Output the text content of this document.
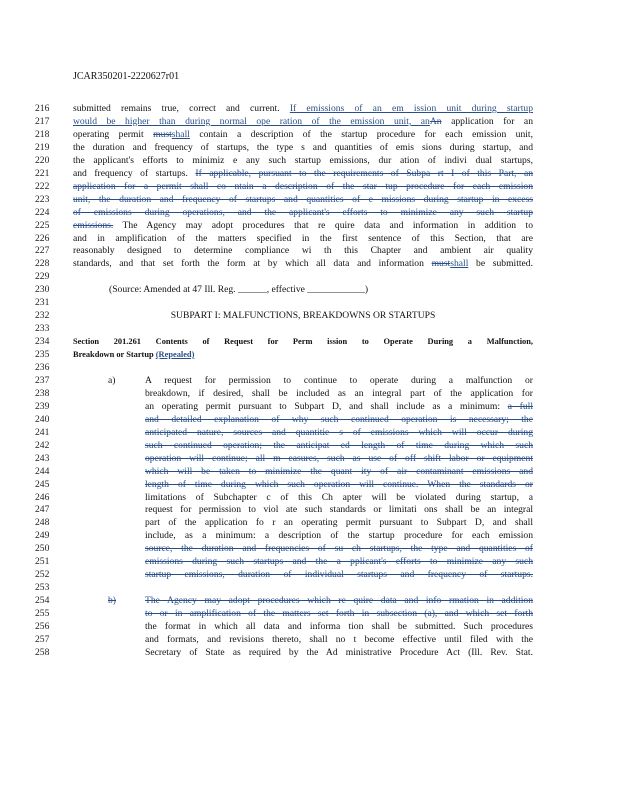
JCAR350201-2220627r01
216	submitted remains true, correct and current. If emissions of an em ission unit during startup
217	would be higher than during normal ope ration of the emission unit, anAn application for an
218	operating permit mustshall contain a description of the startup procedure for each emission unit,
219	the duration and frequency of startups, the type s and quantities of emis sions during startup, and
220	the applicant's efforts to minimiz e any such startup emissions, dur ation of indivi dual startups,
221	and frequency of startups. If applicable, pursuant to the requirements of Subpa rt I of this Part, an
222	application for a permit shall co ntain a description of the star tup procedure for each emission
223	unit, the duration and frequency of startups and quantities of e missions during startup in excess
224	of emissions during operations, and the applicant's efforts to minimize any such startup
225	emissions. The Agency may adopt procedures that re quire data and information in addition to
226	and in amplification of the matters specified in the first sentence of this Section, that are
227	reasonably designed to determine compliance wi th this Chapter and ambient air quality
228	standards, and that set forth the form at by which all data and information mustshall be submitted.
229
230	(Source: Amended at 47 Ill. Reg. ______, effective ____________)
231
232	SUBPART I: MALFUNCTIONS, BREAKDOWNS OR STARTUPS
233
234	Section 201.261 Contents of Request for Perm ission to Operate During a Malfunction,
235	Breakdown or Startup (Repealed)
236
237	a)	A request for permission to continue to operate during a malfunction or
238	breakdown, if desired, shall be included as an integral part of the application for
239	an operating permit pursuant to Subpart D, and shall include as a minimum: a full
240	and detailed explanation of why such continued operation is necessary; the
241	anticipated nature, sources and quantitie s of emissions which will occur during
242	such continued operation; the anticipat ed length of time during which such
243	operation will continue; all m easures, such as use of off shift labor or equipment
244	which will be taken to minimize the quant ity of air contaminant emissions and
245	length of time during which such operation will continue. When the standards or
246	limitations of Subchapter c of this Ch apter will be violated during startup, a
247	request for permission to viol ate such standards or limitati ons shall be an integral
248	part of the application fo r an operating permit pursuant to Subpart D, and shall
249	include, as a minimum: a description of the startup procedure for each emission
250	source, the duration and frequencies of su ch startups, the type and quantities of
251	emissions during such startups and the a pplicant's efforts to minimize any such
252	startup emissions, duration of individual startups and frequency of startups.
253
254	b)	The Agency may adopt procedures which re quire data and info rmation in addition
255	to or in amplification of the matters set forth in subsection (a), and which set forth
256	the format in which all data and informa tion shall be submitted. Such procedures
257	and formats, and revisions thereto, shall no t become effective until filed with the
258	Secretary of State as required by the Ad ministrative Procedure Act (Ill. Rev. Stat.
